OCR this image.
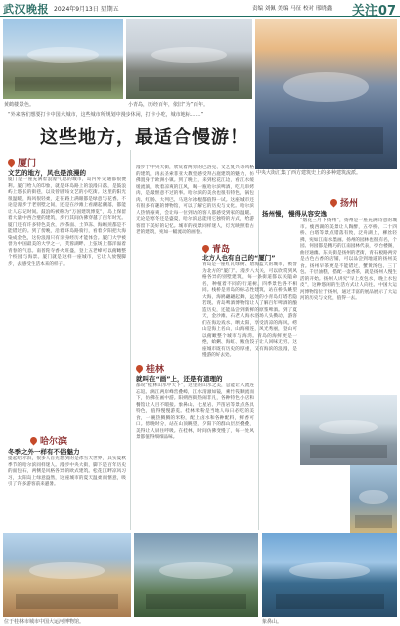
武汉晚报 2024年9月13日 星期五	责编 刘佩 美编 马征 校对 邢晓鑫 关注07
黄鹤楼景色。	小青岛，历经百年，依旧“为”百年。
中央大街汇集了西方建筑史上的多种建筑流派。
位于桂林市城市中国大运河博物馆。	象鼻山。
“外来客们想要打卡中国大城市，这些城市所规划中漫步休闲，打卡小吃，城市地标……”
这些地方，最适合慢游！
厦门
文艺的地方，风也是浪漫的
厦门是一座充满着浪漫气息的城市，岛内外交通都很便利。厦门给人的印象，就是环岛路上的浪漫日落，是鼓浪屿上悠长的街巷，以及曾厝垵文艺的小吃街。这里的阳光很温暖，海风很轻柔，走在路上满眼都是绿意与花香。不论是漫步于老别墅之间，还是在沙滩上看潮起潮落，都能让人忘记时间。鼓浪屿被称为“万国建筑博览”，岛上保留着大量中西合璧的建筑，步行其间仿佛穿越了百年时光。厦门还有许多特色美食，沙茶面、土笋冻、海蛎煎都是不能错过的。到了傍晚，沿着环岛路骑行，看着夕阳把大海染成金色，这份浪漫只有亲身经历才能体会。厦门大学被誉为中国最美的大学之一，芙蓉湖畔、上弦场上都洋溢着青春的气息。南普陀寺香火旺盛，登上五老峰可以俯瞰整个校园与海景。厦门就是这样一座城市，它让人放慢脚步，去感受生活本来的样子。
哈尔滨
冬季之外一样有不俗魅力
提起哈尔滨，很多人首先想到的是冰雪大世界，其实夏秋季节的哈尔滨同样迷人。漫步中央大街，脚下是百年历史的面包石，两侧是风格各异的欧式建筑。松花江畔凉风习习，太阳岛上绿意盎然，这座城市的夏天温柔而惬意，吸引了许多游客前来避暑。
漫步于中央大街，欣赏着两旁的巴洛克、文艺复兴等风格的建筑，再去圣索菲亚大教堂感受拜占庭建筑的魅力，仿佛置身于欧洲小镇。到了晚上，来到松花江边，看江水缓缓流淌，吹着凉爽的江风，喝一瓶哈尔滨啤酒，吃几串烤肉，是最惬意不过的事。哈尔滨的美食也很有特色，锅包肉、红肠、大列巴、马迭尔冰棍都值得一试。这座城市还有很多有趣的博物馆，可以了解它的历史与文化。哈尔滨人热情豪爽，会让每一位到访的客人都感受到家的温暖。无论是寒冬还是盛夏，哈尔滨总能用它独特的方式，给游客留下美好的记忆。城市的夜景同样迷人，灯光映照着古老的建筑，宛如一幅流动的画卷。
桂林
就叫在“画”上，还是有道理的
都说“桂林山水甲天下”，这里的山水之美，总能让人流连忘返。漓江两岸峰峦叠嶂，江水清澈如镜，乘竹筏顺流而下，仿佛在画中游。阳朔西街热闹非凡，各种特色小店和餐馆让人目不暇接。象鼻山、七星岩、芦笛岩等景点各具特色，值得慢慢游览。桂林米粉是当地人每日必吃的美食，一碗热腾腾的米粉，配上卤水和各种配料，鲜香可口。傍晚时分，站在山顶眺望，夕阳下的群山层层叠叠，美得让人屏住呼吸。在桂林，时间仿佛变慢了，每一处风景都值得细细品味。
青岛
北方人也有自己的“厦门”
青岛是一座红瓦绿树、碧海蓝天的城市，被誉为北方的“厦门”。漫步八大关，可以欣赏到风格各异的别墅建筑，每一条街道都以关隘命名，种植着不同的行道树，四季景色各不相同。栈桥是青岛的标志性建筑，站在桥头眺望大海，海鸥翩翩起舞，远处的小青岛灯塔若隐若现。青岛啤酒博物馆让人了解百年啤酒的酿造历史，还能品尝到新鲜的原浆啤酒。到了夏天，金沙滩、石老人海水浴场人头攒动，游客们在海边戏水、晒太阳，享受清凉的海风。崂山是海上名山，山海相连，风光秀丽，登山可以俯瞰整个城市与海湾。青岛的海鲜更是一绝，蛤蜊、海虹、鲅鱼饺子让人回味无穷。这座城市既有历史的厚重，又有海滨的浪漫，是慢游的好去处。
扬州
扬州慢，慢得从容安逸
“烟花三月下扬州”，扬州是一座充满诗意的城市。瘦西湖的美景让人陶醉，五亭桥、二十四桥、白塔等景点错落有致，泛舟湖上，柳丝轻拂，宛如江南水墨画。扬州的园林也很有名，个园、何园都是精巧的江南园林代表，亭台楼阁，曲径通幽。东关街是扬州的老街，青石板路两旁是古色古香的店铺，可以品尝到地道的扬州美食。扬州早茶更是不能错过，蟹黄汤包、三丁包、千层油糕，搭配一壶香茶，就是扬州人慢生活的开始。扬州人讲究“早上皮包水，晚上水包皮”，这种悠闲的生活方式让人向往。中国大运河博物馆位于扬州，通过丰富的展品展示了大运河的历史与文化，值得一去。
